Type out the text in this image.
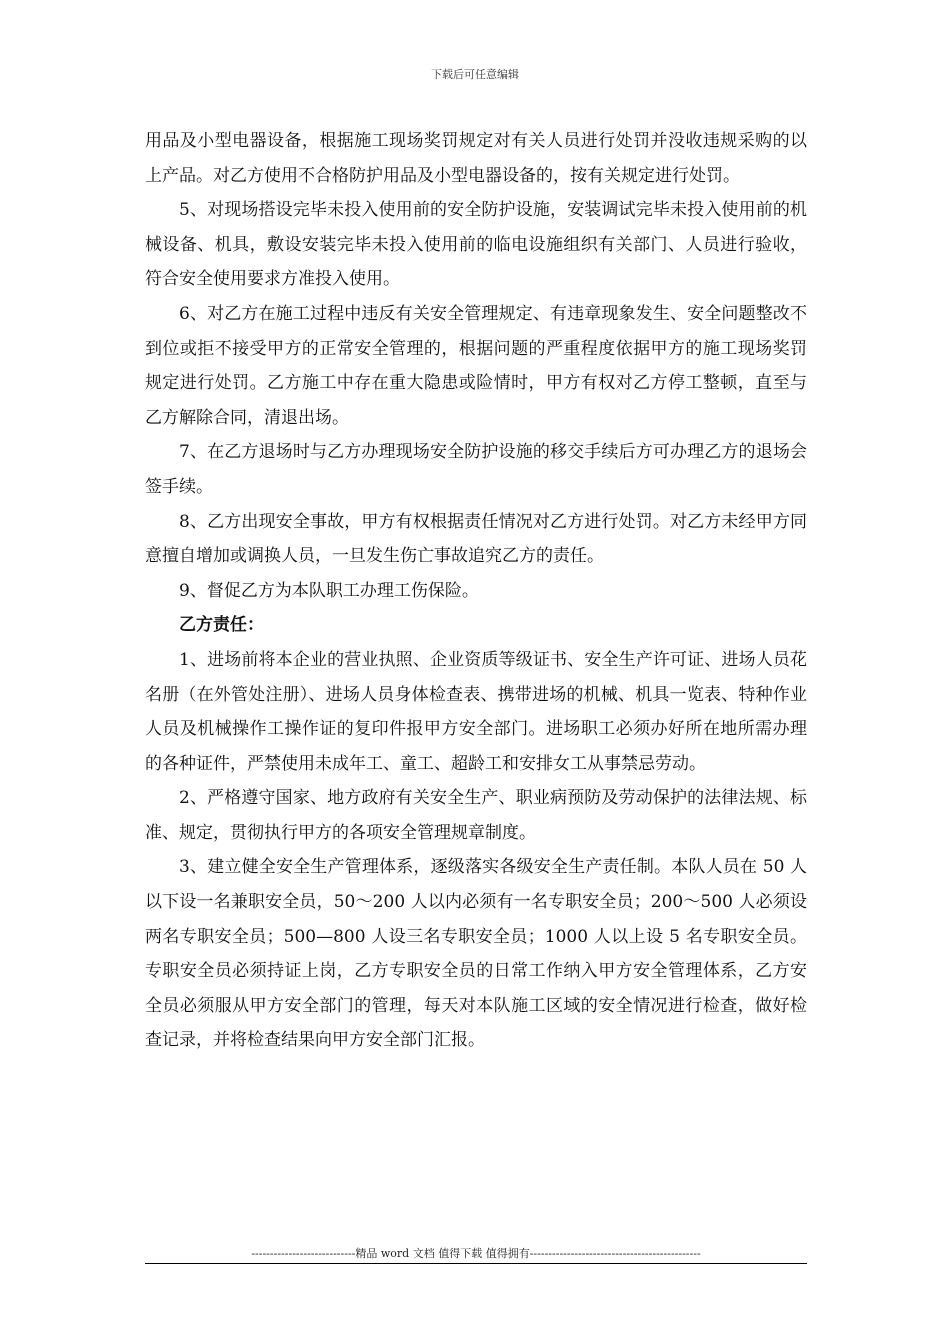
下载后可任意编辑

用品及小型电器设备，根据施工现场奖罚规定对有关人员进行处罚并没收违规采购的以上产品。对乙方使用不合格防护用品及小型电器设备的，按有关规定进行处罚。

5、对现场搭设完毕未投入使用前的安全防护设施，安装调试完毕未投入使用前的机械设备、机具，敷设安装完毕未投入使用前的临电设施组织有关部门、人员进行验收，符合安全使用要求方准投入使用。

6、对乙方在施工过程中违反有关安全管理规定、有违章现象发生、安全问题整改不到位或拒不接受甲方的正常安全管理的，根据问题的严重程度依据甲方的施工现场奖罚规定进行处罚。乙方施工中存在重大隐患或险情时，甲方有权对乙方停工整顿，直至与乙方解除合同，清退出场。

7、在乙方退场时与乙方办理现场安全防护设施的移交手续后方可办理乙方的退场会签手续。

8、乙方出现安全事故，甲方有权根据责任情况对乙方进行处罚。对乙方未经甲方同意擅自增加或调换人员，一旦发生伤亡事故追究乙方的责任。

9、督促乙方为本队职工办理工伤保险。

乙方责任：

1、进场前将本企业的营业执照、企业资质等级证书、安全生产许可证、进场人员花名册（在外管处注册）、进场人员身体检查表、携带进场的机械、机具一览表、特种作业人员及机械操作工操作证的复印件报甲方安全部门。进场职工必须办好所在地所需办理的各种证件，严禁使用未成年工、童工、超龄工和安排女工从事禁忌劳动。

2、严格遵守国家、地方政府有关安全生产、职业病预防及劳动保护的法律法规、标准、规定，贯彻执行甲方的各项安全管理规章制度。

3、建立健全安全生产管理体系，逐级落实各级安全生产责任制。本队人员在 50 人以下设一名兼职安全员，50～200 人以内必须有一名专职安全员；200～500 人必须设两名专职安全员；500—800 人设三名专职安全员；1000 人以上设 5 名专职安全员。专职安全员必须持证上岗，乙方专职安全员的日常工作纳入甲方安全管理体系，乙方安全员必须服从甲方安全部门的管理，每天对本队施工区域的安全情况进行检查，做好检查记录，并将检查结果向甲方安全部门汇报。

----------------------------精品 word 文档 值得下载 值得拥有----------------------------------------------
